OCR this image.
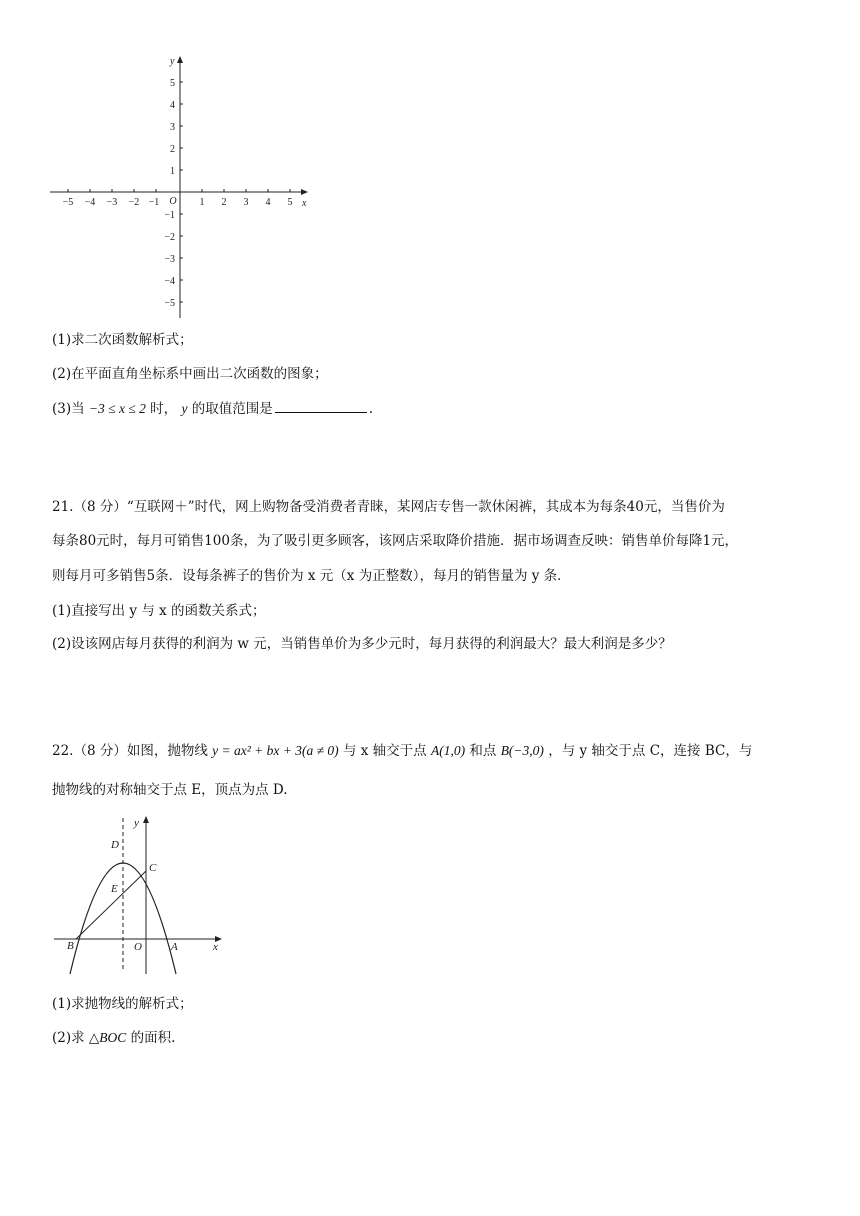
−5 −4 −3 −2 −1	1 2 3 4 5
5
4
3
2
1
−1
−2
−3
−4
−5
O	x
y
(1)求二次函数解析式；
(2)在平面直角坐标系中画出二次函数的图象；
(3)当 −3 ≤ x ≤ 2 时， y 的取值范围是	.
21.（8 分）“互联网＋”时代，网上购物备受消费者青睐，某网店专售一款休闲裤，其成本为每条40元，当售价为
每条80元时，每月可销售100条，为了吸引更多顾客，该网店采取降价措施．据市场调查反映：销售单价每降1元，
则每月可多销售5条．设每条裤子的售价为 x 元（x 为正整数），每月的销售量为 y 条．
(1)直接写出 y 与 x 的函数关系式；
(2)设该网店每月获得的利润为 w 元，当销售单价为多少元时，每月获得的利润最大？最大利润是多少？
22.（8 分）如图，抛物线 y = ax² + bx + 3(a ≠ 0) 与 x 轴交于点 A(1,0) 和点 B(−3,0) ，与 y 轴交于点 C，连接 BC，与
抛物线的对称轴交于点 E，顶点为点 D.
y
x
D
C
E
B	O	A
(1)求抛物线的解析式；
(2)求 △BOC 的面积.
